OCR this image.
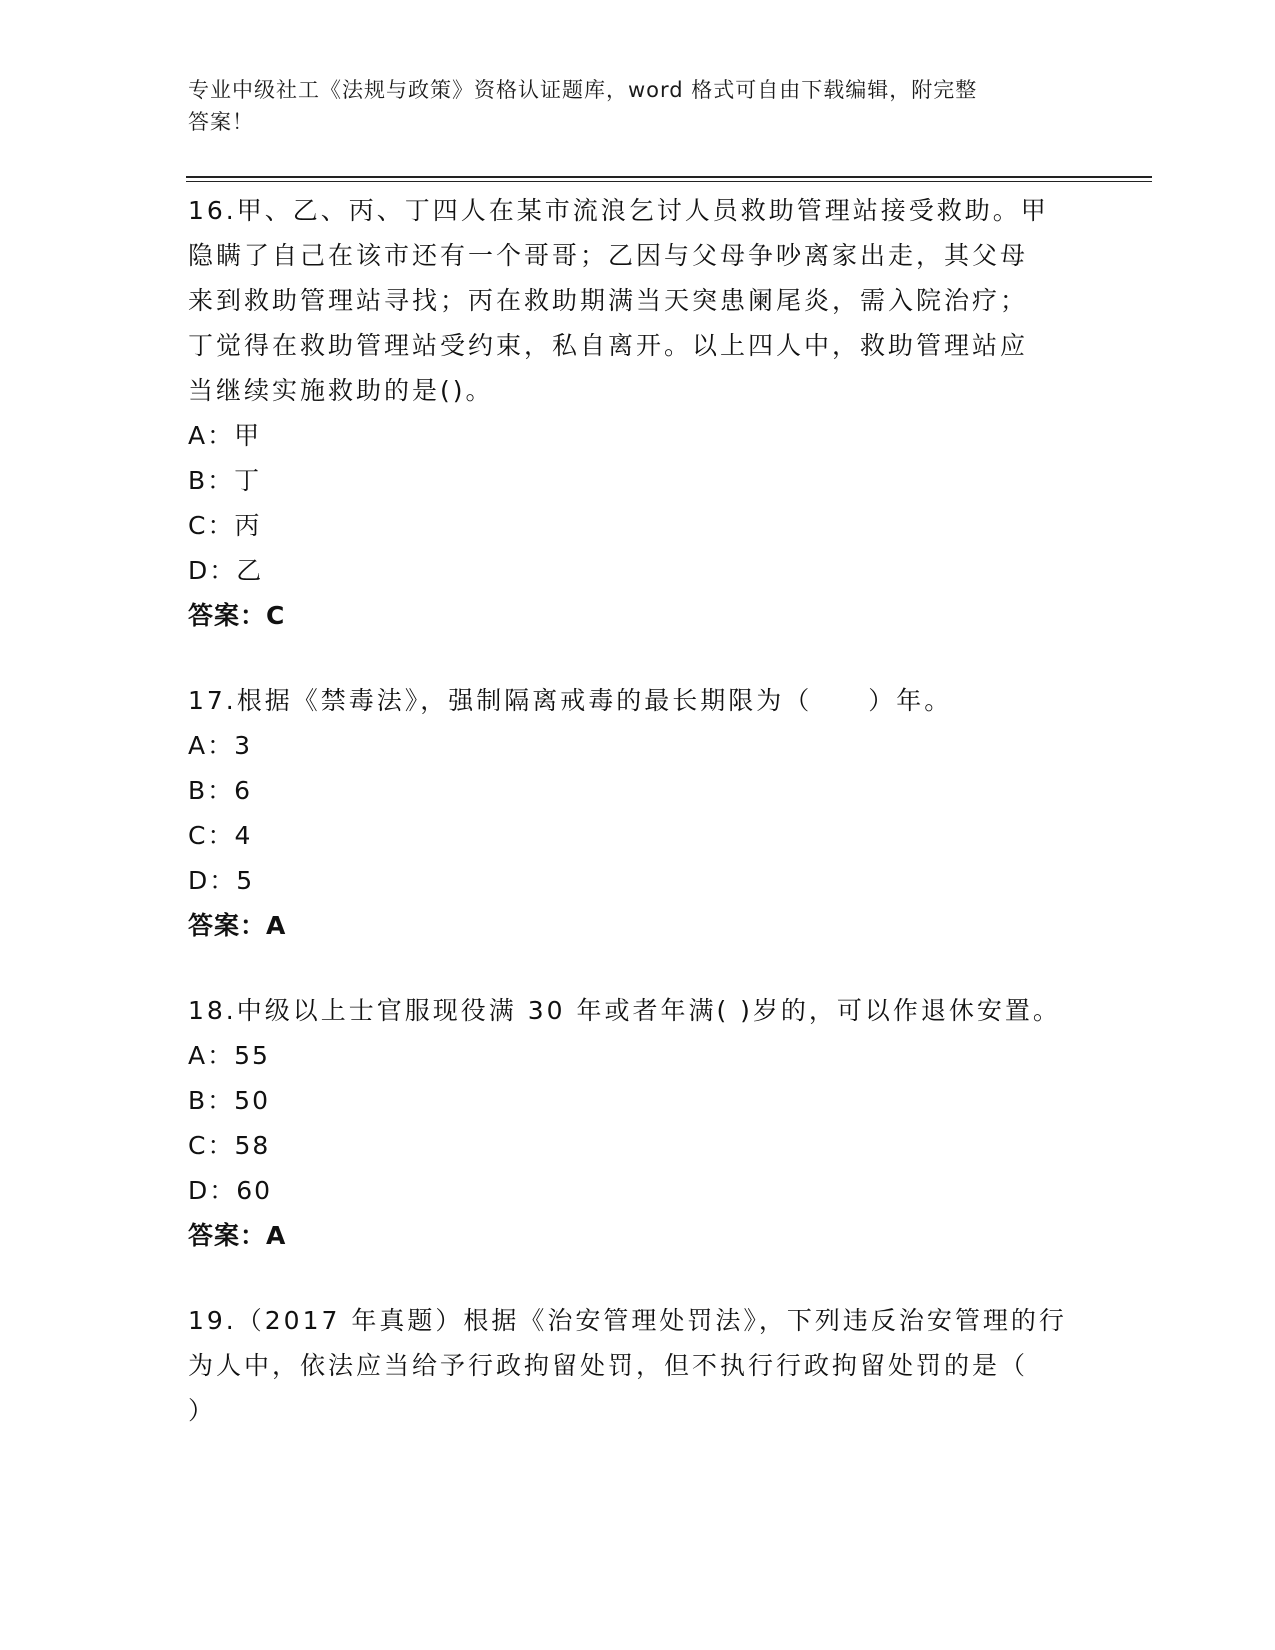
专业中级社工《法规与政策》资格认证题库，word 格式可自由下载编辑，附完整
答案！
16.甲、乙、丙、丁四人在某市流浪乞讨人员救助管理站接受救助。甲
隐瞒了自己在该市还有一个哥哥；乙因与父母争吵离家出走，其父母
来到救助管理站寻找；丙在救助期满当天突患阑尾炎，需入院治疗；
丁觉得在救助管理站受约束，私自离开。以上四人中，救助管理站应
当继续实施救助的是()。
A：甲
B：丁
C：丙
D：乙
答案：C
17.根据《禁毒法》，强制隔离戒毒的最长期限为（　　）年。
A：3
B：6
C：4
D：5
答案：A
18.中级以上士官服现役满 30 年或者年满( )岁的，可以作退休安置。
A：55
B：50
C：58
D：60
答案：A
19.（2017 年真题）根据《治安管理处罚法》，下列违反治安管理的行
为人中，依法应当给予行政拘留处罚，但不执行行政拘留处罚的是（
）
